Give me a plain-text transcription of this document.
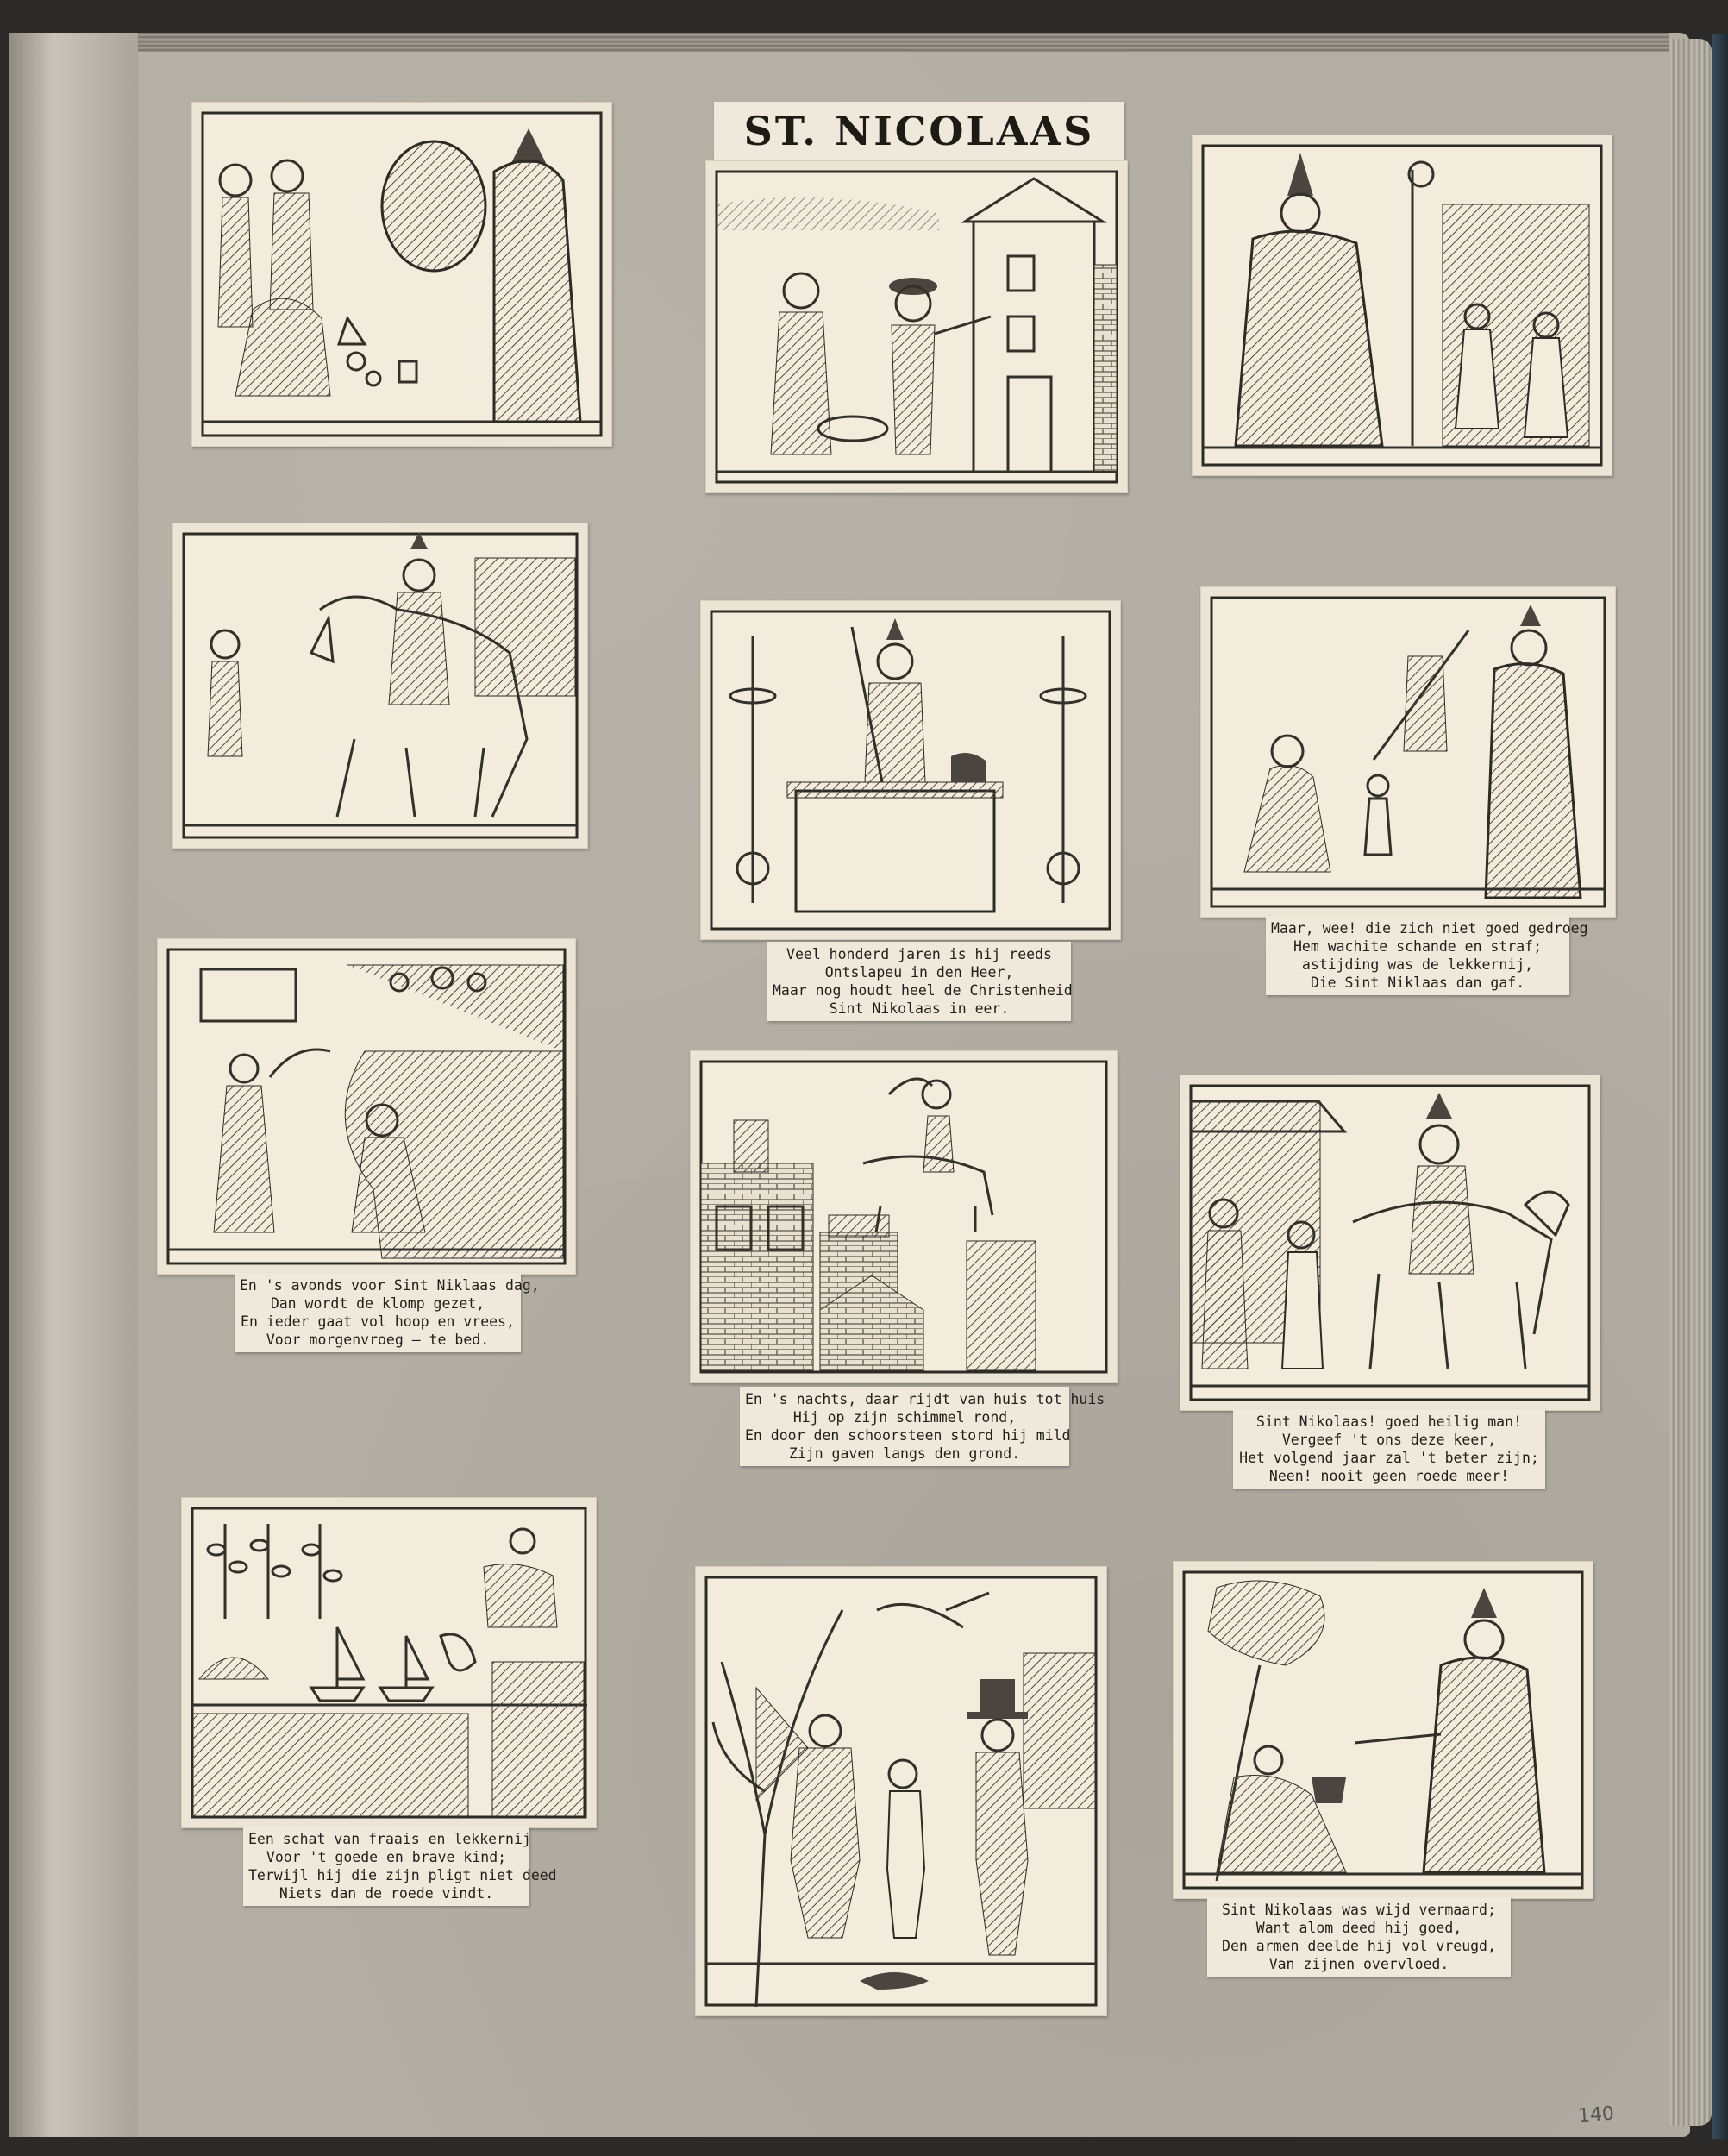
ST. NICOLAAS
Veel honderd jaren is hij reeds
Ontslapeu in den Heer,
Maar nog houdt heel de Christenheid
Sint Nikolaas in eer.
Maar, wee! die zich niet goed gedroeg
Hem wachite schande en straf;
astijding was de lekkernij,
Die Sint Niklaas dan gaf.
En 's avonds voor Sint Niklaas dag,
Dan wordt de klomp gezet,
En ieder gaat vol hoop en vrees,
Voor morgenvroeg — te bed.
En 's nachts, daar rijdt van huis tot huis
Hij op zijn schimmel rond,
En door den schoorsteen stord hij mild
Zijn gaven langs den grond.
Sint Nikolaas! goed heilig man!
Vergeef 't ons deze keer,
Het volgend jaar zal 't beter zijn;
Neen! nooit geen roede meer!
Een schat van fraais en lekkernij
Voor 't goede en brave kind;
Terwijl hij die zijn pligt niet deed
Niets dan de roede vindt.
Sint Nikolaas was wijd vermaard;
Want alom deed hij goed,
Den armen deelde hij vol vreugd,
Van zijnen overvloed.
140
